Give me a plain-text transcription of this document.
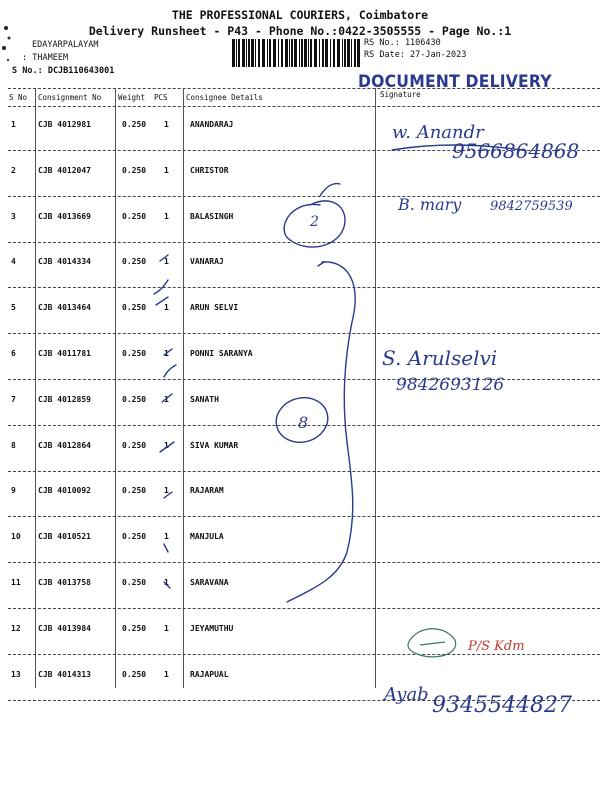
THE PROFESSIONAL COURIERS, Coimbatore
Delivery Runsheet - P43 - Phone No.:0422-3505555 - Page No.:1
EDAYARPALAYAM
: THAMEEM
S No.: DCJB110643001
RS No.: 1106430
RS Date: 27-Jan-2023
DOCUMENT DELIVERY
S No Consignment No Weight PCS Consignee Details	Signature
1	CJB 4012981	0.250 1	ANANDARAJ
2	CJB 4012047	0.250 1	CHRISTOR
3	CJB 4013669	0.250 1	BALASINGH
4	CJB 4014334	0.250 1	VANARAJ
5	CJB 4013464	0.250 1	ARUN SELVI
6	CJB 4011781	0.250 1	PONNI SARANYA
7	CJB 4012859	0.250 1	SANATH
8	CJB 4012864	0.250 1	SIVA KUMAR
9	CJB 4010092	0.250 1	RAJARAM
10 CJB 4010521	0.250 1	MANJULA
11 CJB 4013758	0.250 1	SARAVANA
12 CJB 4013984	0.250 1	JEYAMUTHU
13 CJB 4014313	0.250 1	RAJAPUAL
w. Anandr
9566864868
B. mary 9842759539
2
S. Arulselvi
9842693126
8
P/S Kdm
Ayab 9345544827
